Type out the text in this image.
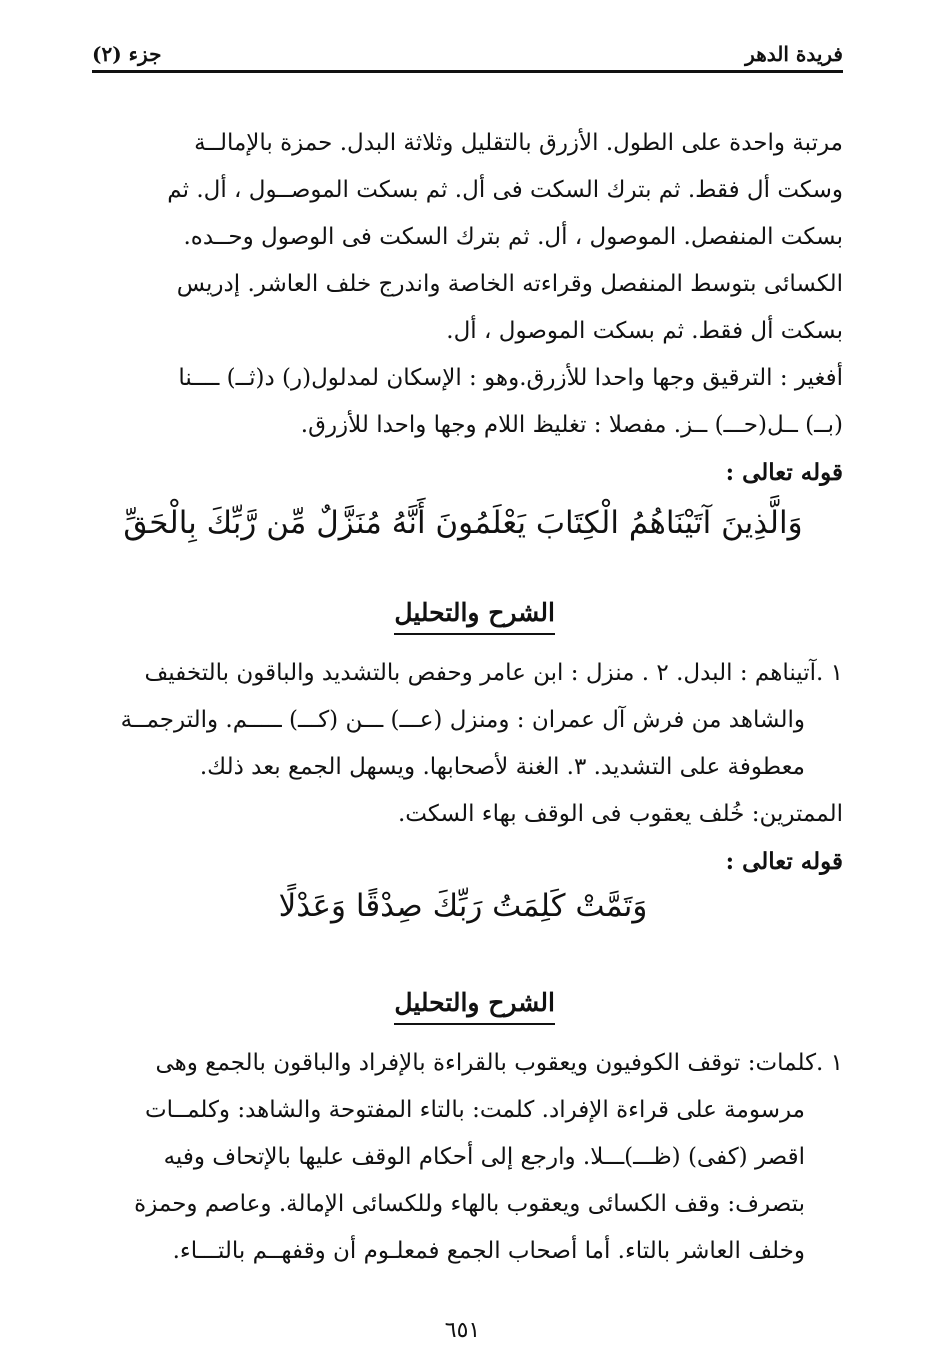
فريدة الدهر
جزء (٢)
مرتبة واحدة على الطول. الأزرق بالتقليل وثلاثة البدل. حمزة بالإمالــة
وسكت أل فقط. ثم بترك السكت فى أل. ثم بسكت الموصــول ، أل. ثم
بسكت المنفصل. الموصول ، أل. ثم بترك السكت فى الوصول وحــده.
الكسائى بتوسط المنفصل وقراءته الخاصة واندرج خلف العاشر. إدريس
بسكت أل فقط. ثم بسكت الموصول ، أل.
أفغير : الترقيق وجها واحدا للأزرق.وهو : الإسكان لمدلول(ر) د(ثــ) ــــنا
(بــ) ــل(حـــ) ــز. مفصلا : تغليظ اللام وجها واحدا للأزرق.
قوله تعالى :
وَالَّذِينَ آتَيْنَاهُمُ الْكِتَابَ يَعْلَمُونَ أَنَّهُ مُنَزَّلٌ مِّن رَّبِّكَ بِالْحَقِّ
الشرح والتحليل
١ .آتيناهم : البدل. ٢ . منزل : ابن عامر وحفص بالتشديد والباقون بالتخفيف
والشاهد من فرش آل عمران : ومنزل (عـــ) ـــن (كـــ) ـــــم. والترجمــة
معطوفة على التشديد. ٣. الغنة لأصحابها. ويسهل الجمع بعد ذلك.
الممترين: خُلف يعقوب فى الوقف بهاء السكت.
قوله تعالى :
وَتَمَّتْ كَلِمَتُ رَبِّكَ صِدْقًا وَعَدْلًا
الشرح والتحليل
١ .كلمات: توقف الكوفيون ويعقوب بالقراءة بالإفراد والباقون بالجمع وهى
مرسومة على قراءة الإفراد. كلمت: بالتاء المفتوحة والشاهد: وكلمــات
اقصر (كفى) (ظـــ)ـــلا. وارجع إلى أحكام الوقف عليها بالإتحاف وفيه
بتصرف: وقف الكسائى ويعقوب بالهاء وللكسائى الإمالة. وعاصم وحمزة
وخلف العاشر بالتاء. أما أصحاب الجمع فمعلـوم أن وقفهــم بالتـــاء.
٦٥١
